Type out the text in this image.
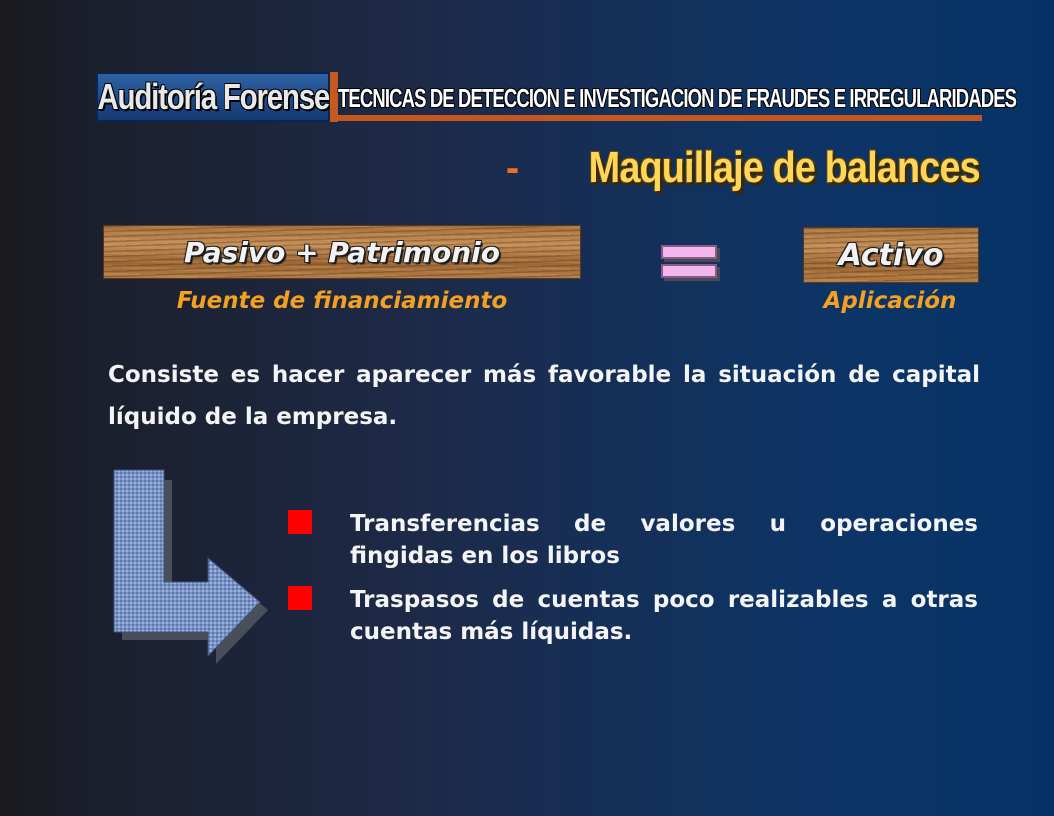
Auditoría Forense TECNICAS DE DETECCION E INVESTIGACION DE FRAUDES E IRREGULARIDADES
- Maquillaje de balances
Pasivo + Patrimonio	Activo
Fuente de financiamiento	Aplicación
Consiste es hacer aparecer más favorable la situación de capital líquido de la empresa.
Transferencias de valores u operaciones fingidas en los libros
Traspasos de cuentas poco realizables a otras cuentas más líquidas.
